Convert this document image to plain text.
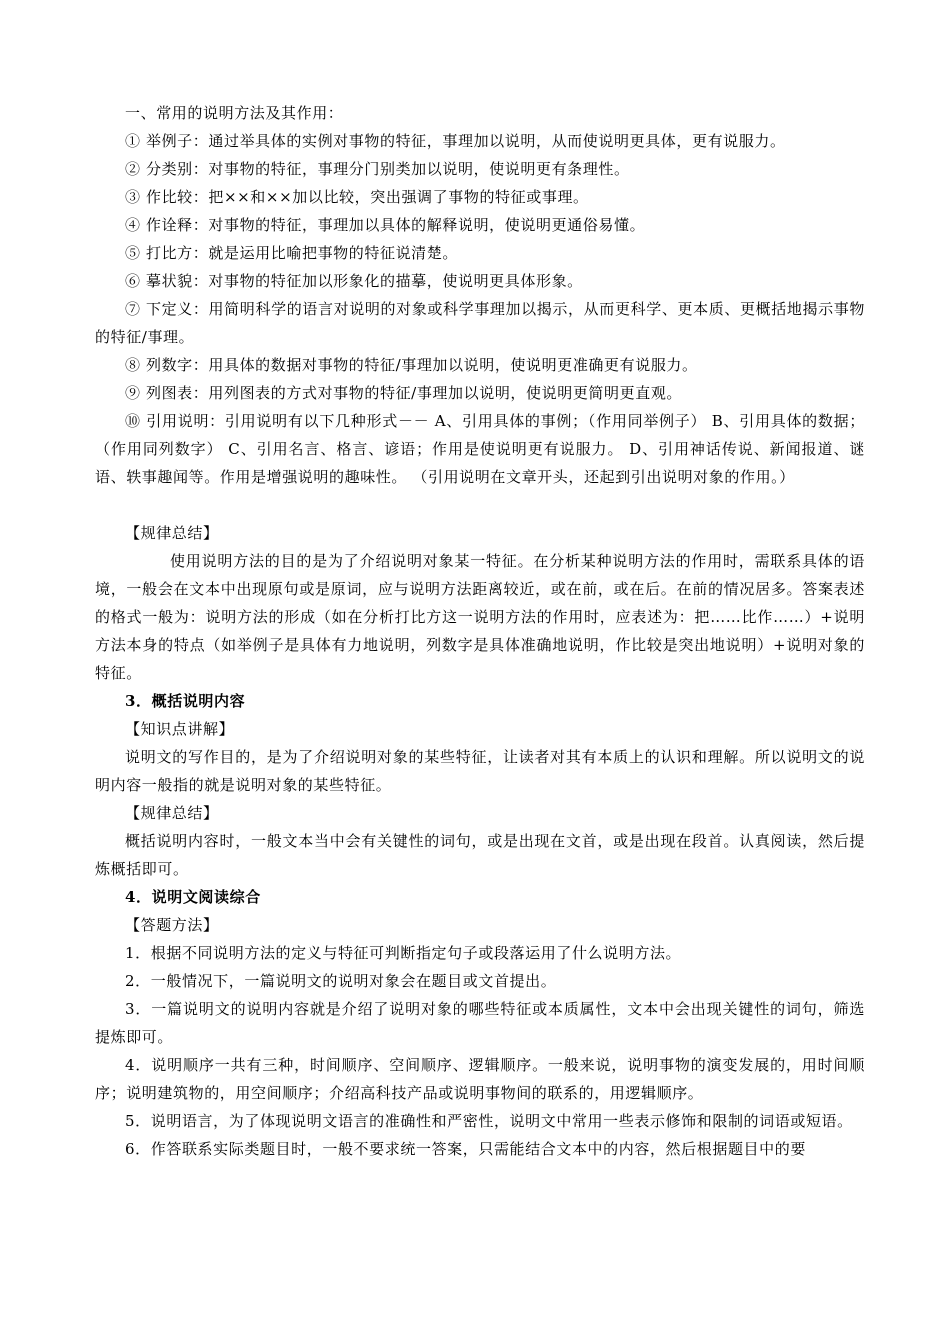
一、常用的说明方法及其作用：

① 举例子：通过举具体的实例对事物的特征，事理加以说明，从而使说明更具体，更有说服力。

② 分类别：对事物的特征，事理分门别类加以说明，使说明更有条理性。

③ 作比较：把××和××加以比较，突出强调了事物的特征或事理。

④ 作诠释：对事物的特征，事理加以具体的解释说明，使说明更通俗易懂。

⑤ 打比方：就是运用比喻把事物的特征说清楚。

⑥ 摹状貌：对事物的特征加以形象化的描摹，使说明更具体形象。

⑦ 下定义：用简明科学的语言对说明的对象或科学事理加以揭示，从而更科学、更本质、更概括地揭示事物的特征/事理。

⑧ 列数字：用具体的数据对事物的特征/事理加以说明，使说明更准确更有说服力。

⑨ 列图表：用列图表的方式对事物的特征/事理加以说明，使说明更简明更直观。

⑩ 引用说明：引用说明有以下几种形式－－ A、引用具体的事例；（作用同举例子） B、引用具体的数据；（作用同列数字） C、引用名言、格言、谚语；作用是使说明更有说服力。 D、引用神话传说、新闻报道、谜语、轶事趣闻等。作用是增强说明的趣味性。 （引用说明在文章开头，还起到引出说明对象的作用。）

【规律总结】

使用说明方法的目的是为了介绍说明对象某一特征。在分析某种说明方法的作用时，需联系具体的语境，一般会在文本中出现原句或是原词，应与说明方法距离较近，或在前，或在后。在前的情况居多。答案表述的格式一般为：说明方法的形成（如在分析打比方这一说明方法的作用时，应表述为：把……比作……）+说明方法本身的特点（如举例子是具体有力地说明，列数字是具体准确地说明，作比较是突出地说明）+说明对象的特征。

3．概括说明内容

【知识点讲解】

说明文的写作目的，是为了介绍说明对象的某些特征，让读者对其有本质上的认识和理解。所以说明文的说明内容一般指的就是说明对象的某些特征。

【规律总结】

概括说明内容时，一般文本当中会有关键性的词句，或是出现在文首，或是出现在段首。认真阅读，然后提炼概括即可。

4．说明文阅读综合

【答题方法】

1．根据不同说明方法的定义与特征可判断指定句子或段落运用了什么说明方法。

2．一般情况下，一篇说明文的说明对象会在题目或文首提出。

3．一篇说明文的说明内容就是介绍了说明对象的哪些特征或本质属性，文本中会出现关键性的词句，筛选提炼即可。

4．说明顺序一共有三种，时间顺序、空间顺序、逻辑顺序。一般来说，说明事物的演变发展的，用时间顺序；说明建筑物的，用空间顺序；介绍高科技产品或说明事物间的联系的，用逻辑顺序。

5．说明语言，为了体现说明文语言的准确性和严密性，说明文中常用一些表示修饰和限制的词语或短语。

6．作答联系实际类题目时，一般不要求统一答案，只需能结合文本中的内容，然后根据题目中的要
